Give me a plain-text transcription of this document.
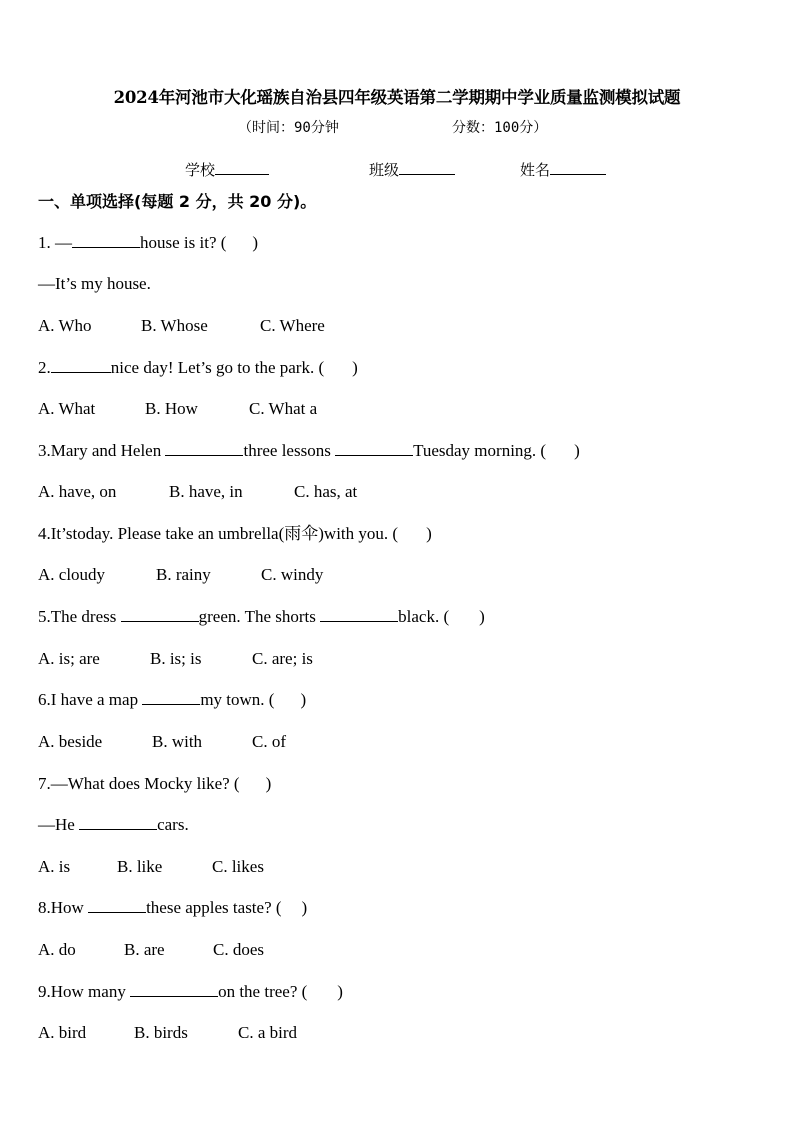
2024年河池市大化瑶族自治县四年级英语第二学期期中学业质量监测模拟试题
（时间：90分钟	分数：100分）
学校	班级	姓名
一、单项选择(每题 2 分，共 20 分)。
1. —	house is it? ( )
—It’s my house.
A. Who	B. Whose	C. Where
2.	nice day! Let’s go to the park. ( )
A. What	B. How	C. What a
3.Mary and Helen	three lessons	Tuesday morning. ( )
A. have, on	B. have, in	C. has, at
4.It’stoday. Please take an umbrella(雨伞)with you. ( )
A. cloudy	B. rainy	C. windy
5.The dress	green. The shorts	black. ( )
A. is; are	B. is; is	C. are; is
6.I have a map	my town. ( )
A. beside	B. with	C. of
7.—What does Mocky like? ( )
—He	cars.
A. is	B. like	C. likes
8.How	these apples taste? ( )
A. do	B. are	C. does
9.How many	on the tree? ( )
A. bird	B. birds	C. a bird
